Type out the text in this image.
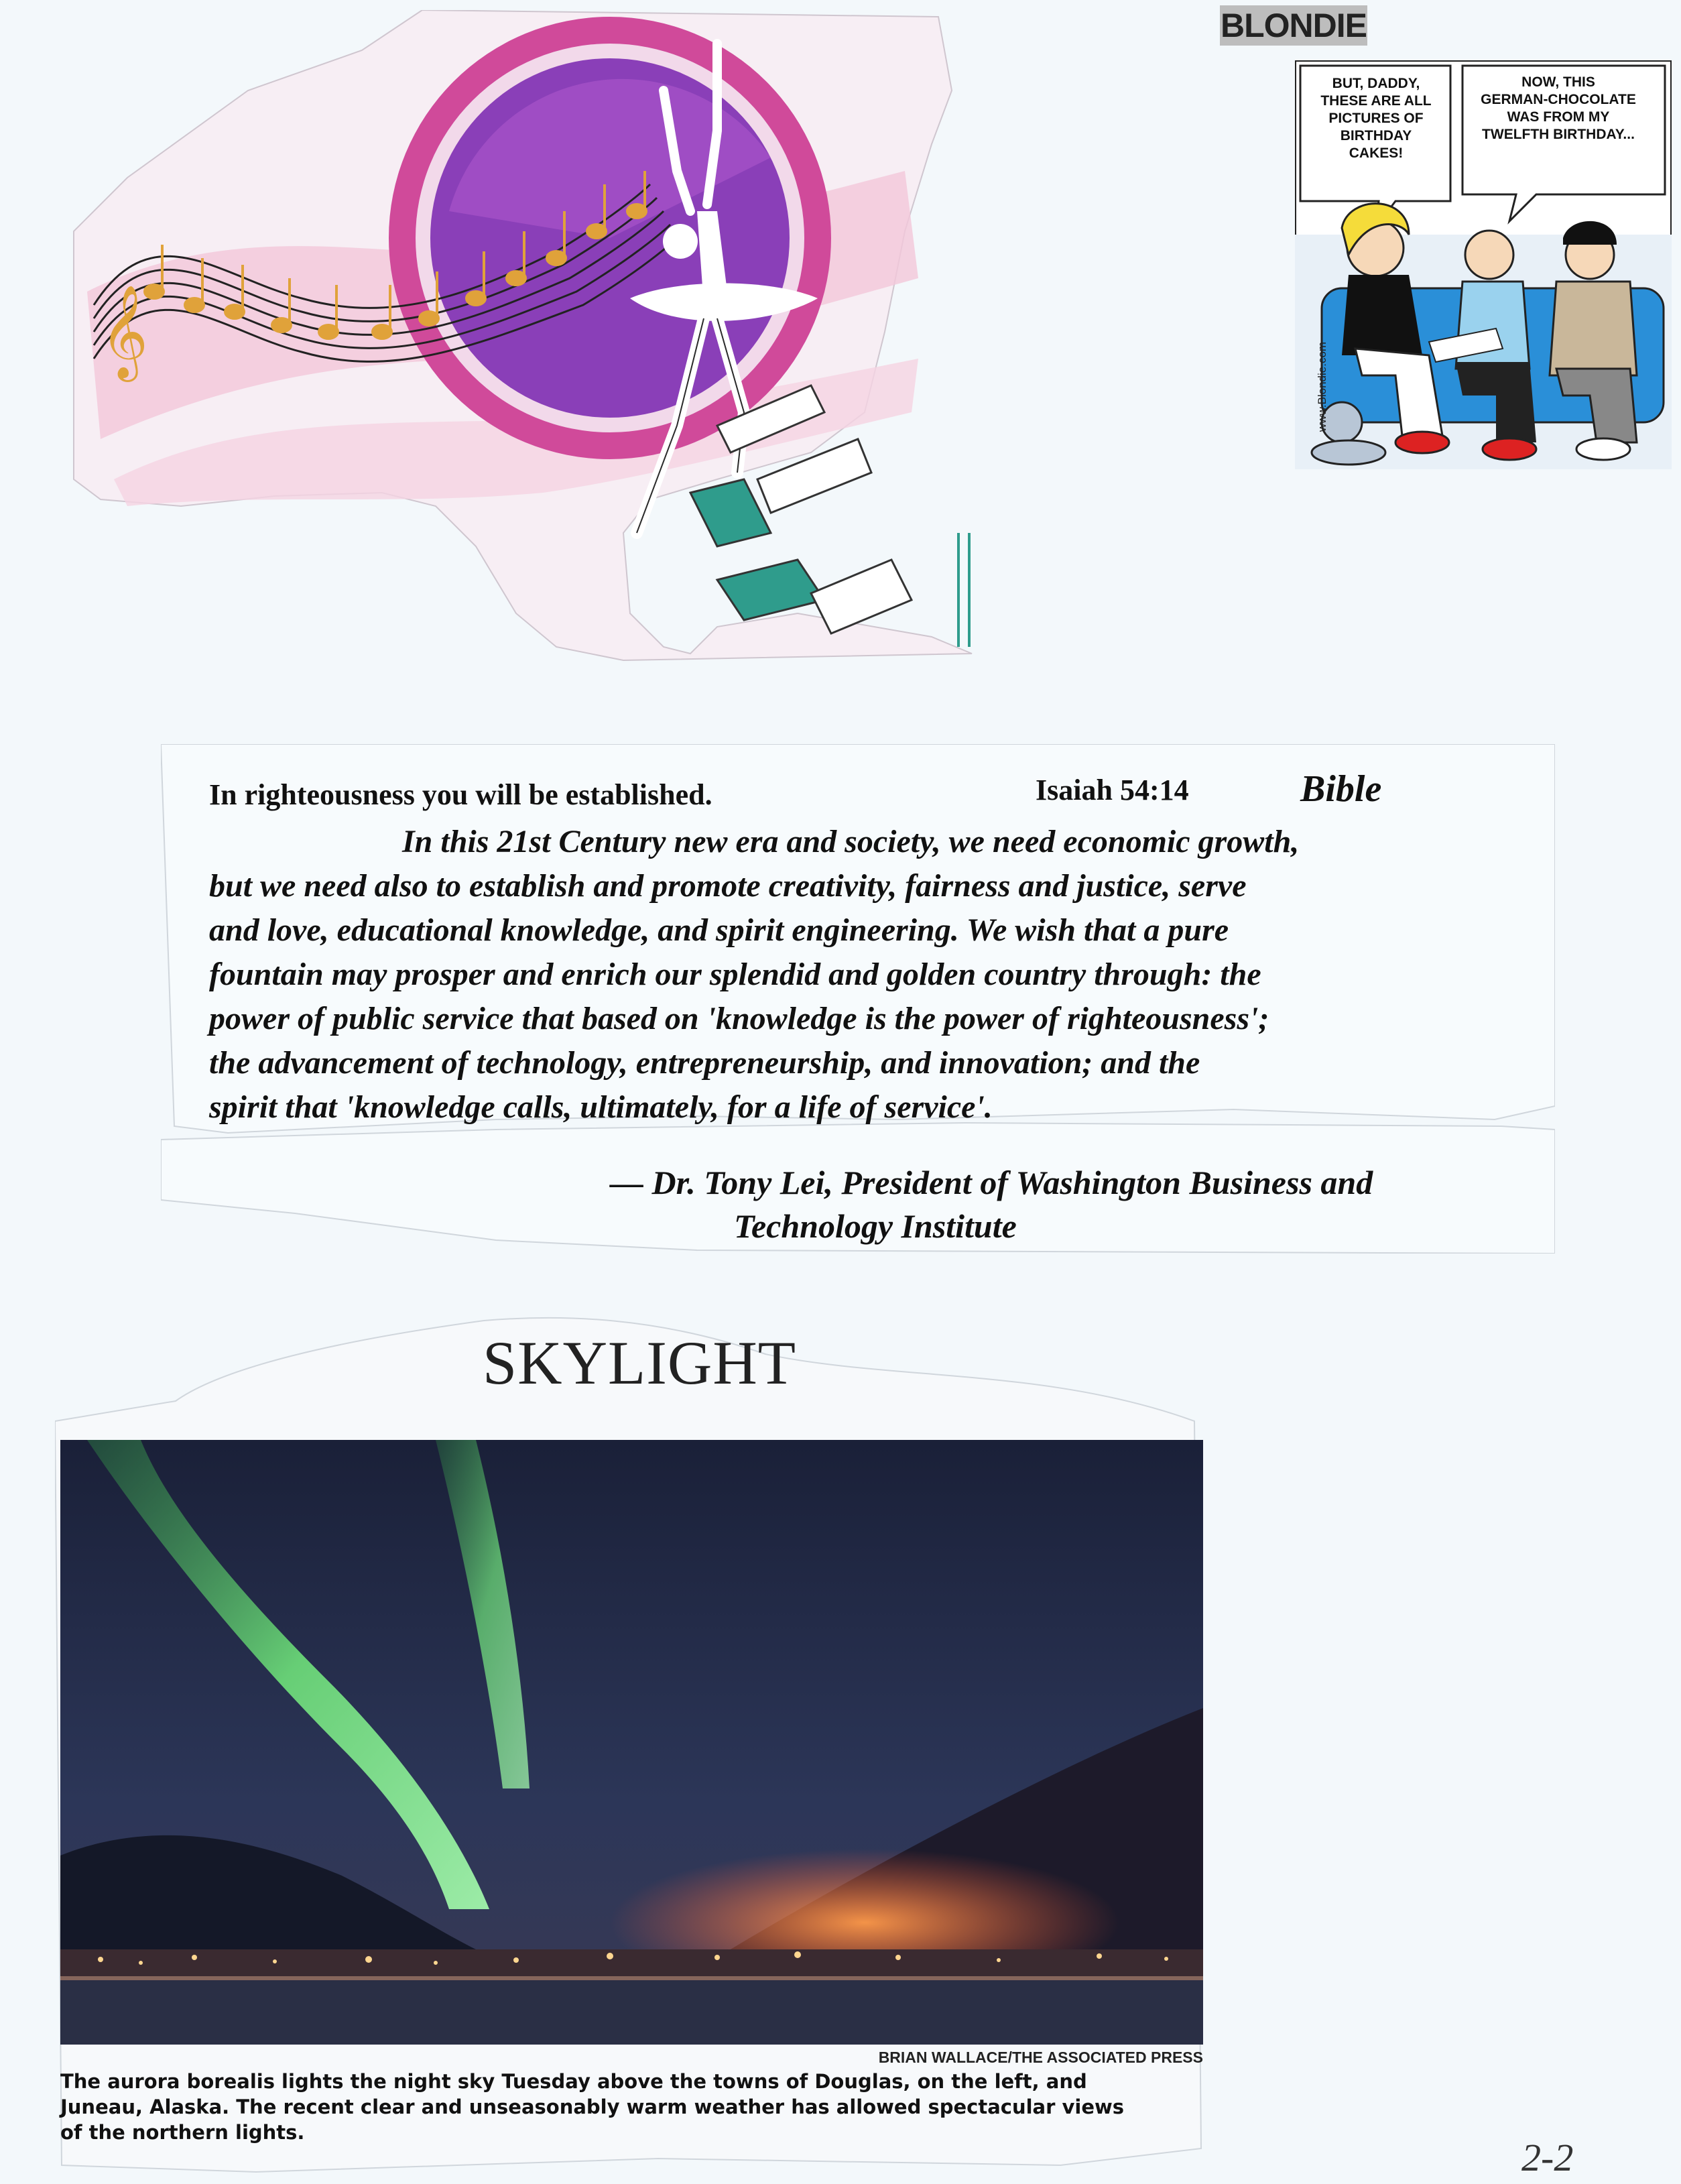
𝄞
BLONDIE
BUT, DADDY,
THESE ARE ALL
PICTURES OF
BIRTHDAY
CAKES!
NOW, THIS
GERMAN-CHOCOLATE
WAS FROM MY
TWELFTH BIRTHDAY...
www.Blondie.com
In righteousness you will be established.	Isaiah 54:14	Bible
In this 21st Century new era and society, we need economic growth,
but we need also to establish and promote creativity, fairness and justice, serve
and love, educational knowledge, and spirit engineering. We wish that a pure
fountain may prosper and enrich our splendid and golden country through: the
power of public service that based on 'knowledge is the power of righteousness';
the advancement of technology, entrepreneurship, and innovation; and the
spirit that 'knowledge calls, ultimately, for a life of service'.
— Dr. Tony Lei, President of Washington Business and
Technology Institute
SKYLIGHT
BRIAN WALLACE/THE ASSOCIATED PRESS
The aurora borealis lights the night sky Tuesday above the towns of Douglas, on the left, and
Juneau, Alaska. The recent clear and unseasonably warm weather has allowed spectacular views
of the northern lights.
2-2
